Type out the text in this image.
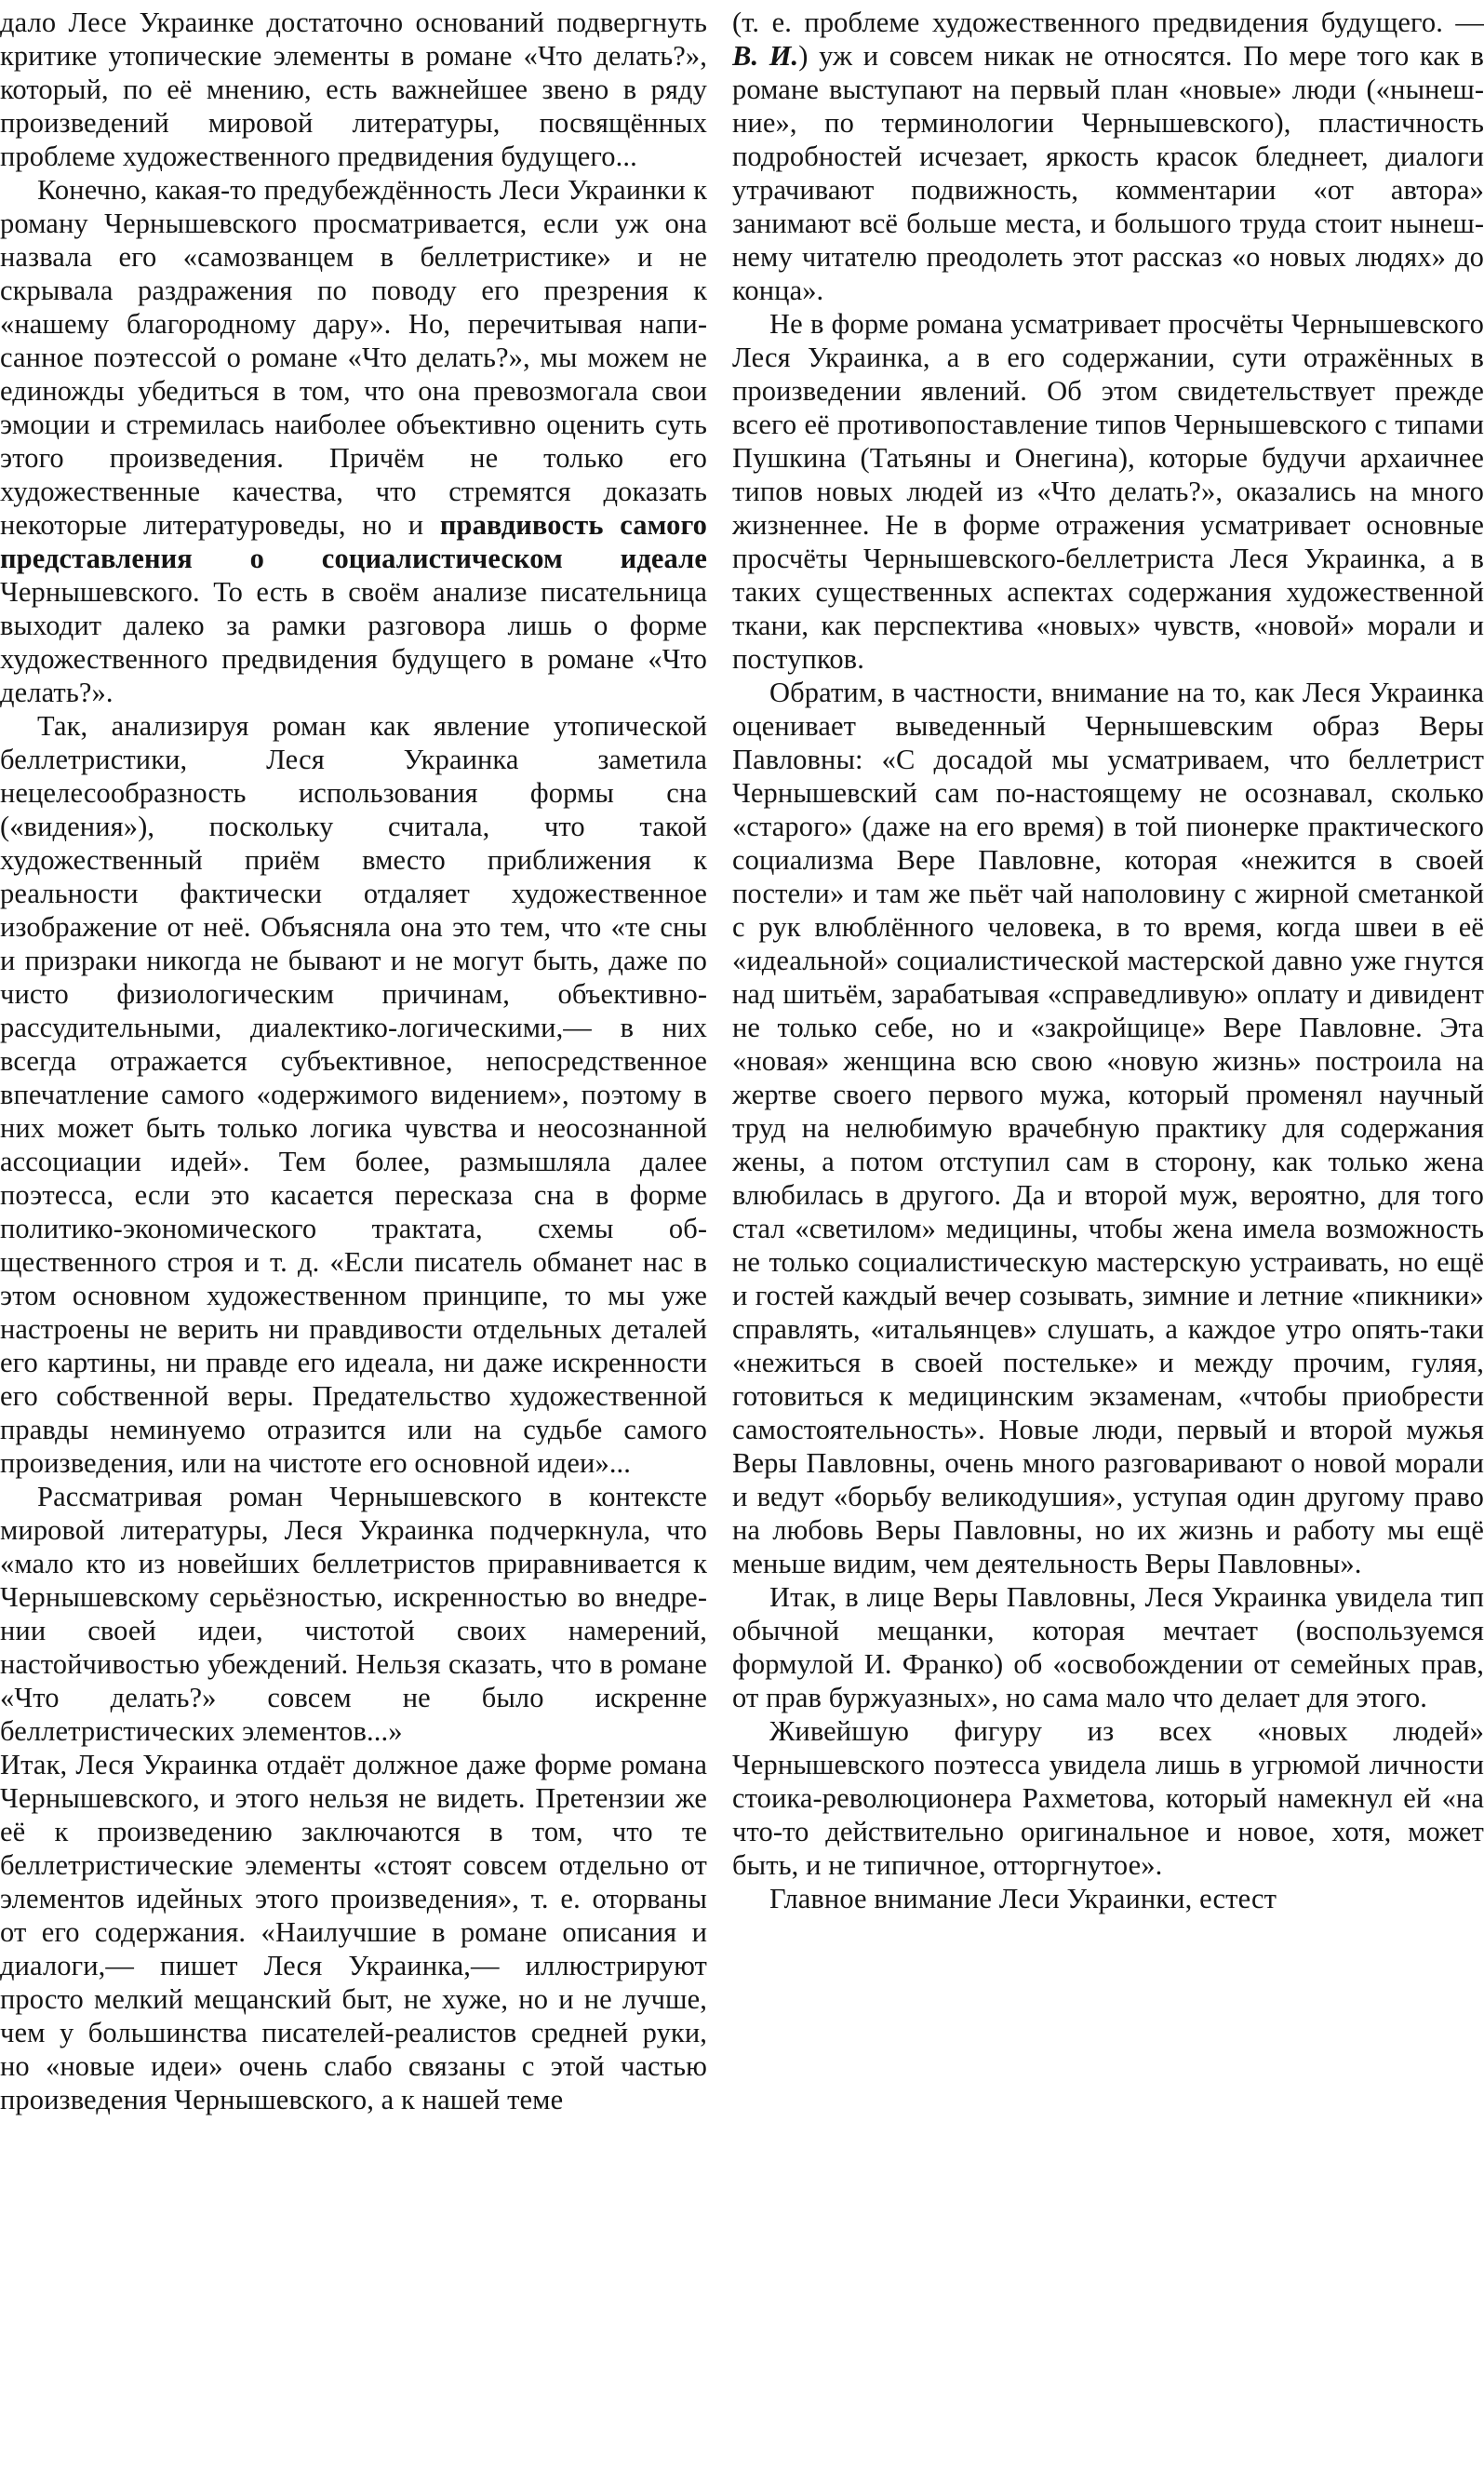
дало Лесе Украинке достаточно оснований подвергнуть критике утопические элементы в романе «Что делать?», который, по её мнению, есть важнейшее звено в ряду произведений мировой литературы, посвящённых проблеме художественного предвидения будущего...

Конечно, какая-то предубеждённость Леси Украинки к роману Чернышевского просматривается, если уж она назвала его «самозванцем в беллетристике» и не скрывала раздражения по поводу его презрения к «нашему благородному дару». Но, перечитывая написанное поэтессой о романе «Что делать?», мы можем не единожды убедиться в том, что она превозмогала свои эмоции и стремилась наиболее объективно оценить суть этого произведения. Причём не только его художественные качества, что стремятся доказать некоторые литературоведы, но и правдивость самого представления о социалистическом идеале Чернышевского. То есть в своём анализе писательница выходит далеко за рамки разговора лишь о форме художественного предвидения будущего в романе «Что делать?».

Так, анализируя роман как явление утопической беллетристики, Леся Украинка заметила нецелесообразность использования формы сна («видения»), поскольку считала, что такой художественный приём вместо приближения к реальности фактически отдаляет художественное изображение от неё. Объясняла она это тем, что «те сны и призраки никогда не бывают и не могут быть, даже по чисто физиологическим причинам, объективнорассудительными, диалектико-логическими,— в них всегда отражается субъективное, непосредственное впечатление самого «одержимого видением», поэтому в них может быть только логика чувства и неосознанной ассоциации идей». Тем более, размышляла далее поэтесса, если это касается пересказа сна в форме политико-экономического трактата, схемы общественного строя и т. д. «Если писатель обманет нас в этом основном художественном принципе, то мы уже настроены не верить ни правдивости отдельных деталей его картины, ни правде его идеала, ни даже искренности его собственной веры. Предательство художественной правды неминуемо отразится или на судьбе самого произведения, или на чистоте его основной идеи»...

Рассматривая роман Чернышевского в контексте мировой литературы, Леся Украинка подчеркнула, что «мало кто из новейших беллетристов приравнивается к Чернышевскому серьёзностью, искренностью во внедрении своей идеи, чистотой своих намерений, настойчивостью убеждений. Нельзя сказать, что в романе «Что делать?» совсем не было искренне беллетристических элементов...»

Итак, Леся Украинка отдаёт должное даже форме романа Чернышевского, и этого нельзя не видеть. Претензии же её к произведению заключаются в том, что те беллетристические элементы «стоят совсем отдельно от элементов идейных этого произведения», т. е. оторваны от его содержания. «Наилучшие в романе описания и диалоги,— пишет Леся Украинка,— иллюстрируют просто мелкий мещанский быт, не хуже, но и не лучше, чем у большинства писателей-реалистов средней руки, но «новые идеи» очень слабо связаны с этой частью произведения Чернышевского, а к нашей теме

(т. е. проблеме художественного предвидения будущего. — В. И.) уж и совсем никак не относятся. По мере того как в романе выступают на первый план «новые» люди («нынешние», по терминологии Чернышевского), пластичность подробностей исчезает, яркость красок бледнеет, диалоги утрачивают подвижность, комментарии «от автора» занимают всё больше места, и большого труда стоит нынешнему читателю преодолеть этот рассказ «о новых людях» до конца».

Не в форме романа усматривает просчёты Чернышевского Леся Украинка, а в его содержании, сути отражённых в произведении явлений. Об этом свидетельствует прежде всего её противопоставление типов Чернышевского с типами Пушкина (Татьяны и Онегина), которые будучи архаичнее типов новых людей из «Что делать?», оказались на много жизненнее. Не в форме отражения усматривает основные просчёты Чернышевского-беллетриста Леся Украинка, а в таких существенных аспектах содержания художественной ткани, как перспектива «новых» чувств, «новой» морали и поступков.

Обратим, в частности, внимание на то, как Леся Украинка оценивает выведенный Чернышевским образ Веры Павловны: «С досадой мы усматриваем, что беллетрист Чернышевский сам по-настоящему не осознавал, сколько «старого» (даже на его время) в той пионерке практического социализма Вере Павловне, которая «нежится в своей постели» и там же пьёт чай наполовину с жирной сметанкой с рук влюблённого человека, в то время, когда швеи в её «идеальной» социалистической мастерской давно уже гнутся над шитьём, зарабатывая «справедливую» оплату и дивидент не только себе, но и «закройщице» Вере Павловне. Эта «новая» женщина всю свою «новую жизнь» построила на жертве своего первого мужа, который променял научный труд на нелюбимую врачебную практику для содержания жены, а потом отступил сам в сторону, как только жена влюбилась в другого. Да и второй муж, вероятно, для того стал «светилом» медицины, чтобы жена имела возможность не только социалистическую мастерскую устраивать, но ещё и гостей каждый вечер созывать, зимние и летние «пикники» справлять, «итальянцев» слушать, а каждое утро опять-таки «нежиться в своей постельке» и между прочим, гуляя, готовиться к медицинским экзаменам, «чтобы приобрести самостоятельность». Новые люди, первый и второй мужья Веры Павловны, очень много разговаривают о новой морали и ведут «борьбу великодушия», уступая один другому право на любовь Веры Павловны, но их жизнь и работу мы ещё меньше видим, чем деятельность Веры Павловны».

Итак, в лице Веры Павловны, Леся Украинка увидела тип обычной мещанки, которая мечтает (воспользуемся формулой И. Франко) об «освобождении от семейных прав, от прав буржуазных», но сама мало что делает для этого.

Живейшую фигуру из всех «новых людей» Чернышевского поэтесса увидела лишь в угрюмой личности стоика-революционера Рахметова, который намекнул ей «на что-то действительно оригинальное и новое, хотя, может быть, и не типичное, отторгнутое».

Главное внимание Леси Украинки, естест
